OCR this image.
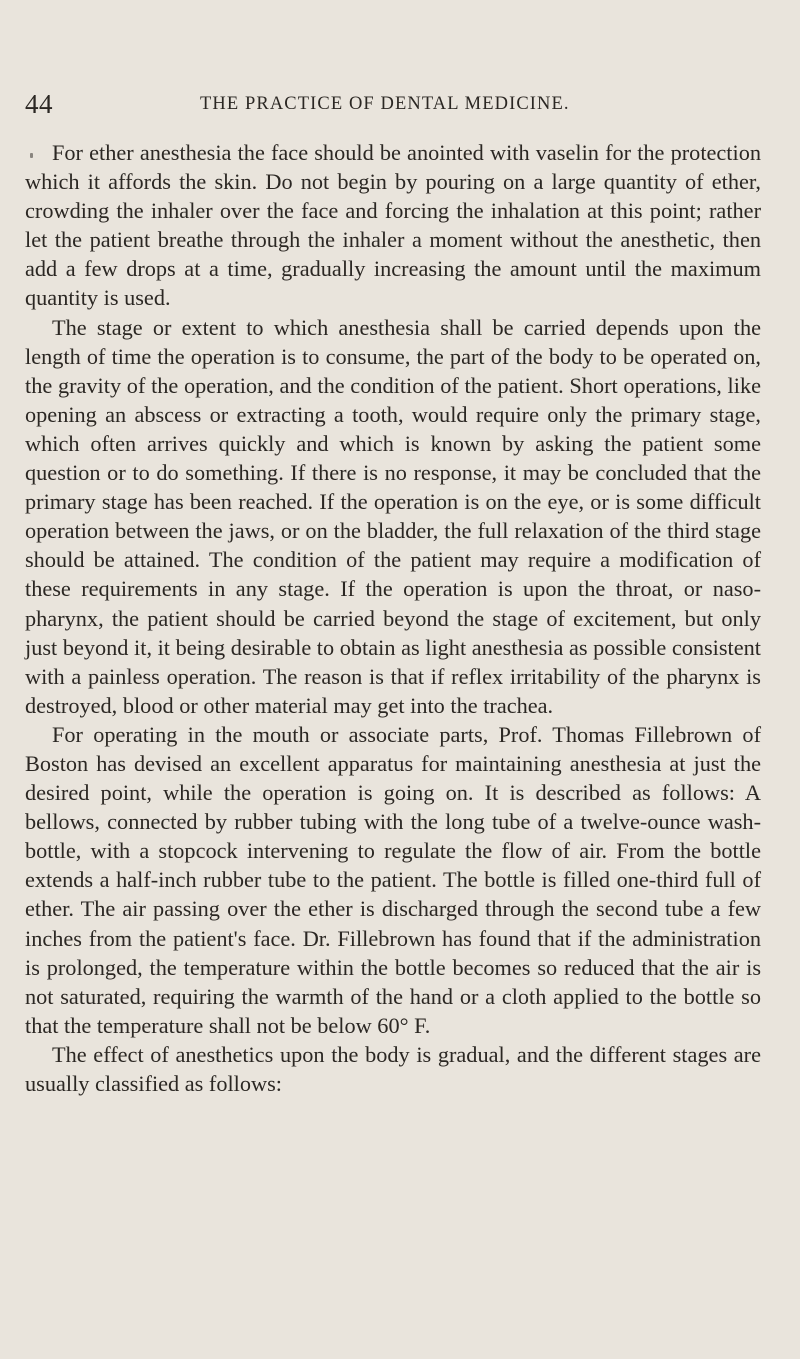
44	THE PRACTICE OF DENTAL MEDICINE.

For ether anesthesia the face should be anointed with vaselin for the protection which it affords the skin. Do not begin by pouring on a large quantity of ether, crowding the inhaler over the face and forcing the inhalation at this point; rather let the patient breathe through the inhaler a moment without the anesthetic, then add a few drops at a time, gradually increasing the amount until the maximum quantity is used.

The stage or extent to which anesthesia shall be carried depends upon the length of time the operation is to consume, the part of the body to be operated on, the gravity of the operation, and the condition of the patient. Short operations, like opening an abscess or extracting a tooth, would require only the primary stage, which often arrives quickly and which is known by asking the patient some question or to do something. If there is no response, it may be concluded that the primary stage has been reached. If the operation is on the eye, or is some difficult operation between the jaws, or on the bladder, the full relaxation of the third stage should be attained. The condition of the patient may require a modification of these requirements in any stage. If the operation is upon the throat, or naso-pharynx, the patient should be carried beyond the stage of excitement, but only just beyond it, it being desirable to obtain as light anesthesia as possible consistent with a painless operation. The reason is that if reflex irritability of the pharynx is destroyed, blood or other material may get into the trachea.

For operating in the mouth or associate parts, Prof. Thomas Fillebrown of Boston has devised an excellent apparatus for maintaining anesthesia at just the desired point, while the operation is going on. It is described as follows: A bellows, connected by rubber tubing with the long tube of a twelve-ounce wash-bottle, with a stopcock intervening to regulate the flow of air. From the bottle extends a half-inch rubber tube to the patient. The bottle is filled one-third full of ether. The air passing over the ether is discharged through the second tube a few inches from the patient's face. Dr. Fillebrown has found that if the administration is prolonged, the temperature within the bottle becomes so reduced that the air is not saturated, requiring the warmth of the hand or a cloth applied to the bottle so that the temperature shall not be below 60° F.

The effect of anesthetics upon the body is gradual, and the different stages are usually classified as follows:
